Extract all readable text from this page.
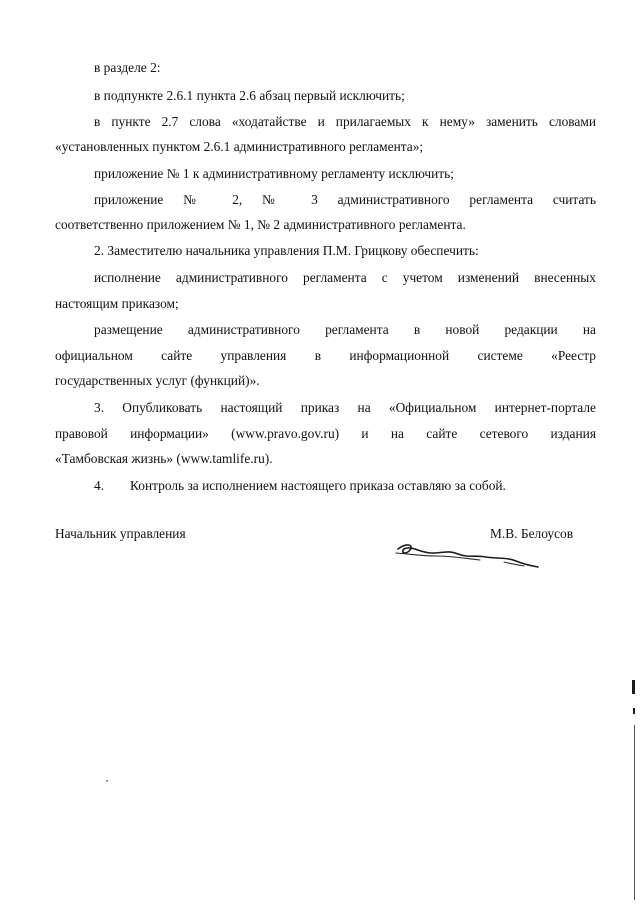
в разделе 2:
в подпункте 2.6.1 пункта 2.6 абзац первый исключить;
в пункте 2.7 слова «ходатайстве и прилагаемых к нему» заменить словами
«установленных пунктом 2.6.1 административного регламента»;
приложение № 1 к административному регламенту исключить;
приложение № 2, № 3 административного регламента считать
соответственно приложением № 1, № 2 административного регламента.
2. Заместителю начальника управления П.М. Грицкову обеспечить:
исполнение административного регламента с учетом изменений внесенных
настоящим приказом;
размещение административного регламента в новой редакции на
официальном сайте управления в информационной системе «Реестр
государственных услуг (функций)».
3. Опубликовать настоящий приказ на «Официальном интернет-портале
правовой информации» (www.pravo.gov.ru) и на сайте сетевого издания
«Тамбовская жизнь» (www.tamlife.ru).
4. Контроль за исполнением настоящего приказа оставляю за собой.
Начальник управления	М.В. Белоусов
